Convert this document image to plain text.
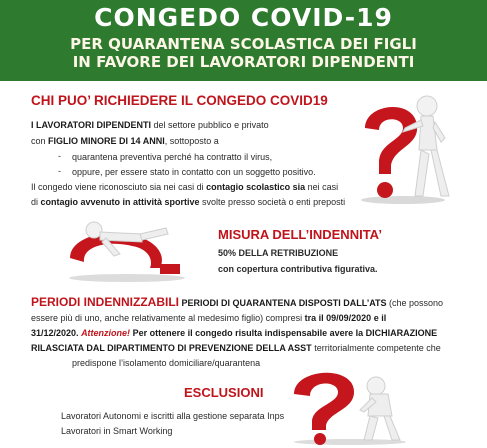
CONGEDO COVID-19
PER QUARANTENA SCOLASTICA DEI FIGLI
IN FAVORE DEI LAVORATORI DIPENDENTI
CHI PUO’ RICHIEDERE IL CONGEDO COVID19
I LAVORATORI DIPENDENTI del settore pubblico e privato
con FIGLIO MINORE DI 14 ANNI, sottoposto a
- quarantena preventiva perché ha contratto il virus,
- oppure, per essere stato in contatto con un soggetto positivo.
Il congedo viene riconosciuto sia nei casi di contagio scolastico sia nei casi
di contagio avvenuto in attività sportive svolte presso società o enti preposti
MISURA DELL’INDENNITA’
50% DELLA RETRIBUZIONE
con copertura contributiva figurativa.
PERIODI INDENNIZZABILI PERIODI DI QUARANTENA DISPOSTI DALL’ATS (che possono
essere più di uno, anche relativamente al medesimo figlio) compresi tra il 09/09/2020 e il
31/12/2020. Attenzione! Per ottenere il congedo risulta indispensabile avere la DICHIARAZIONE
RILASCIATA DAL DIPARTIMENTO DI PREVENZIONE DELLA ASST territorialmente competente che
predispone l’isolamento domiciliare/quarantena
ESCLUSIONI
Lavoratori Autonomi e iscritti alla gestione separata Inps
Lavoratori in Smart Working
